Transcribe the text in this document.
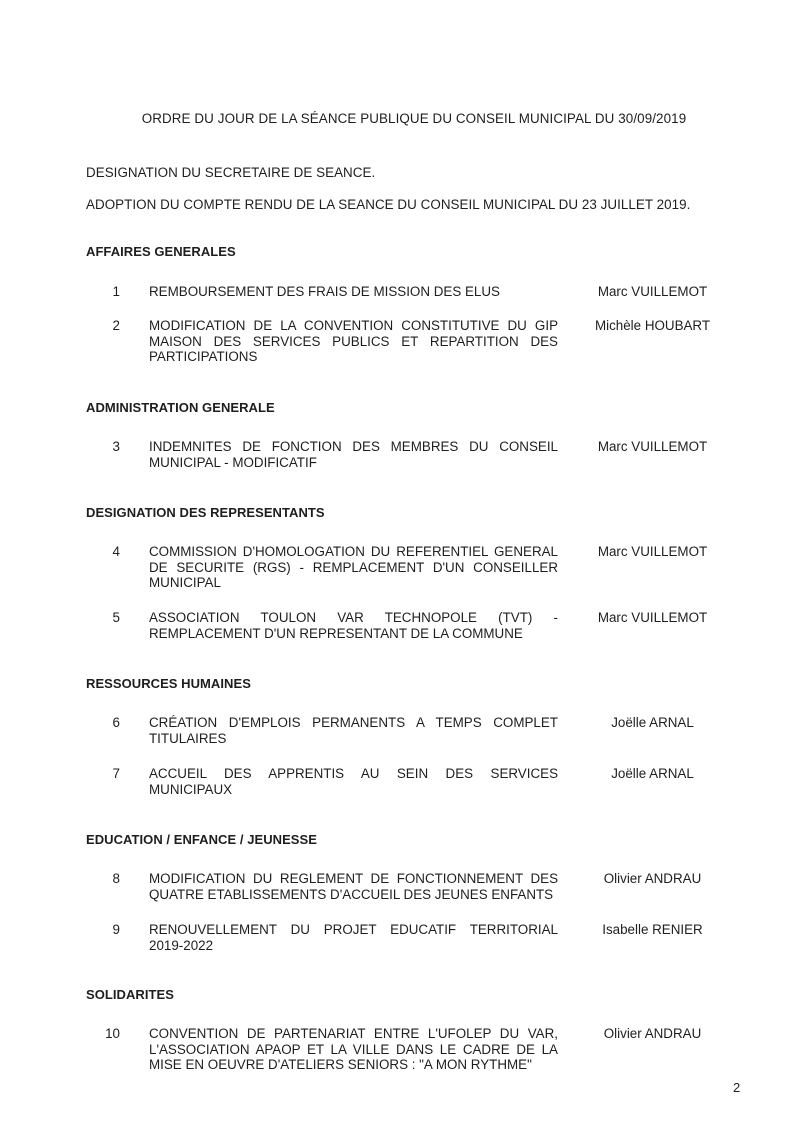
ORDRE DU JOUR DE LA SÉANCE PUBLIQUE DU CONSEIL MUNICIPAL DU 30/09/2019
DESIGNATION DU SECRETAIRE DE SEANCE.
ADOPTION DU COMPTE RENDU DE LA SEANCE DU CONSEIL MUNICIPAL DU 23 JUILLET 2019.
AFFAIRES GENERALES
1 REMBOURSEMENT DES FRAIS DE MISSION DES ELUS	Marc VUILLEMOT
2 MODIFICATION DE LA CONVENTION CONSTITUTIVE DU GIP
MAISON DES SERVICES PUBLICS ET REPARTITION DES
PARTICIPATIONS
Michèle HOUBART
ADMINISTRATION GENERALE
3 INDEMNITES DE FONCTION DES MEMBRES DU CONSEIL
MUNICIPAL - MODIFICATIF
Marc VUILLEMOT
DESIGNATION DES REPRESENTANTS
4 COMMISSION D'HOMOLOGATION DU REFERENTIEL GENERAL
DE SECURITE (RGS) - REMPLACEMENT D'UN CONSEILLER
MUNICIPAL
Marc VUILLEMOT
5 ASSOCIATION TOULON VAR TECHNOPOLE (TVT) -
REMPLACEMENT D'UN REPRESENTANT DE LA COMMUNE
Marc VUILLEMOT
RESSOURCES HUMAINES
6 CRÉATION D'EMPLOIS PERMANENTS A TEMPS COMPLET
TITULAIRES
Joëlle ARNAL
7 ACCUEIL DES APPRENTIS AU SEIN DES SERVICES
MUNICIPAUX
Joëlle ARNAL
EDUCATION / ENFANCE / JEUNESSE
8 MODIFICATION DU REGLEMENT DE FONCTIONNEMENT DES
QUATRE ETABLISSEMENTS D'ACCUEIL DES JEUNES ENFANTS
Olivier ANDRAU
9 RENOUVELLEMENT DU PROJET EDUCATIF TERRITORIAL
2019-2022
Isabelle RENIER
SOLIDARITES
10 CONVENTION DE PARTENARIAT ENTRE L'UFOLEP DU VAR,
L'ASSOCIATION APAOP ET LA VILLE DANS LE CADRE DE LA
MISE EN OEUVRE D'ATELIERS SENIORS : "A MON RYTHME"
Olivier ANDRAU
2
